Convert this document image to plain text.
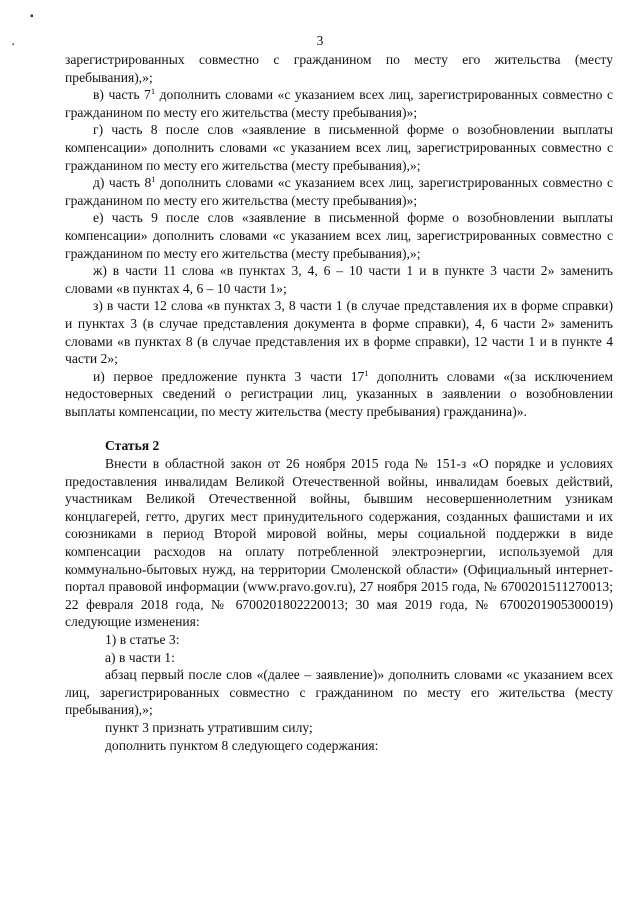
▪
▪	3

зарегистрированных совместно с гражданином по месту его жительства (месту пребывания),»;

в) часть $7^1$ дополнить словами «с указанием всех лиц, зарегистрированных совместно с гражданином по месту его жительства (месту пребывания)»;

г) часть 8 после слов «заявление в письменной форме о возобновлении выплаты компенсации» дополнить словами «с указанием всех лиц, зарегистрированных совместно с гражданином по месту его жительства (месту пребывания),»;

д) часть $8^1$ дополнить словами «с указанием всех лиц, зарегистрированных совместно с гражданином по месту его жительства (месту пребывания)»;

е) часть 9 после слов «заявление в письменной форме о возобновлении выплаты компенсации» дополнить словами «с указанием всех лиц, зарегистрированных совместно с гражданином по месту его жительства (месту пребывания),»;

ж) в части 11 слова «в пунктах 3, 4, 6 – 10 части 1 и в пункте 3 части 2» заменить словами «в пунктах 4, 6 – 10 части 1»;

з) в части 12 слова «в пунктах 3, 8 части 1 (в случае представления их в форме справки) и пунктах 3 (в случае представления документа в форме справки), 4, 6 части 2» заменить словами «в пунктах 8 (в случае представления их в форме справки), 12 части 1 и в пункте 4 части 2»;

и) первое предложение пункта 3 части $17^1$ дополнить словами «(за исключением недостоверных сведений о регистрации лиц, указанных в заявлении о возобновлении выплаты компенсации, по месту жительства (месту пребывания) гражданина)».

Статья 2

Внести в областной закон от 26 ноября 2015 года № 151-з «О порядке и условиях предоставления инвалидам Великой Отечественной войны, инвалидам боевых действий, участникам Великой Отечественной войны, бывшим несовершеннолетним узникам концлагерей, гетто, других мест принудительного содержания, созданных фашистами и их союзниками в период Второй мировой войны, меры социальной поддержки в виде компенсации расходов на оплату потребленной электроэнергии, используемой для коммунально-бытовых нужд, на территории Смоленской области» (Официальный интернет-портал правовой информации (www.pravo.gov.ru), 27 ноября 2015 года, № 6700201511270013; 22 февраля 2018 года, № 6700201802220013; 30 мая 2019 года, № 6700201905300019) следующие изменения:

1) в статье 3:

а) в части 1:

абзац первый после слов «(далее – заявление)» дополнить словами «с указанием всех лиц, зарегистрированных совместно с гражданином по месту его жительства (месту пребывания),»;

пункт 3 признать утратившим силу;

дополнить пунктом 8 следующего содержания:
